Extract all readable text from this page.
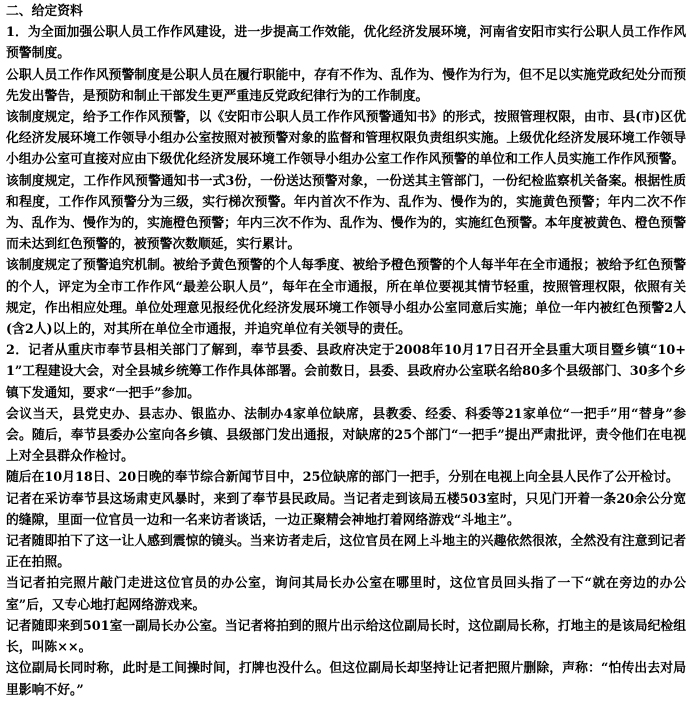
二、给定资料

1．为全面加强公职人员工作作风建设，进一步提高工作效能，优化经济发展环境，河南省安阳市实行公职人员工作作风预警制度。

公职人员工作作风预警制度是公职人员在履行职能中，存有不作为、乱作为、慢作为行为，但不足以实施党政纪处分而预先发出警告，是预防和制止干部发生更严重违反党政纪律行为的工作制度。

该制度规定，给予工作作风预警，以《安阳市公职人员工作作风预警通知书》的形式，按照管理权限，由市、县(市)区优化经济发展环境工作领导小组办公室按照对被预警对象的监督和管理权限负责组织实施。上级优化经济发展环境工作领导小组办公室可直接对应由下级优化经济发展环境工作领导小组办公室工作作风预警的单位和工作人员实施工作作风预警。

该制度规定，工作作风预警通知书一式3份，一份送达预警对象，一份送其主管部门，一份纪检监察机关备案。根据性质和程度，工作作风预警分为三级，实行梯次预警。年内首次不作为、乱作为、慢作为的，实施黄色预警；年内二次不作为、乱作为、慢作为的，实施橙色预警；年内三次不作为、乱作为、慢作为的，实施红色预警。本年度被黄色、橙色预警而未达到红色预警的，被预警次数顺延，实行累计。

该制度规定了预警追究机制。被给予黄色预警的个人每季度、被给予橙色预警的个人每半年在全市通报；被给予红色预警的个人，评定为全市工作作风“最差公职人员”，每年在全市通报，所在单位要视其情节轻重，按照管理权限，依照有关规定，作出相应处理。单位处理意见报经优化经济发展环境工作领导小组办公室同意后实施；单位一年内被红色预警2人(含2人)以上的，对其所在单位全市通报，并追究单位有关领导的责任。

2．记者从重庆市奉节县相关部门了解到，奉节县委、县政府决定于2008年10月17日召开全县重大项目暨乡镇“10+1”工程建设大会，对全县城乡统筹工作作具体部署。会前数日，县委、县政府办公室联名给80多个县级部门、30多个乡镇下发通知，要求“一把手”参加。

会议当天，县党史办、县志办、银监办、法制办4家单位缺席，县教委、经委、科委等21家单位“一把手”用“替身”参会。随后，奉节县委办公室向各乡镇、县级部门发出通报，对缺席的25个部门“一把手”提出严肃批评，责令他们在电视上对全县群众作检讨。

随后在10月18日、20日晚的奉节综合新闻节目中，25位缺席的部门一把手，分别在电视上向全县人民作了公开检讨。

记者在采访奉节县这场肃吏风暴时，来到了奉节县民政局。当记者走到该局五楼503室时，只见门开着一条20余公分宽的缝隙，里面一位官员一边和一名来访者谈话，一边正聚精会神地打着网络游戏“斗地主”。

记者随即拍下了这一让人感到震惊的镜头。当来访者走后，这位官员在网上斗地主的兴趣依然很浓，全然没有注意到记者正在拍照。

当记者拍完照片敲门走进这位官员的办公室，询问其局长办公室在哪里时，这位官员回头指了一下“就在旁边的办公室”后，又专心地打起网络游戏来。

记者随即来到501室一副局长办公室。当记者将拍到的照片出示给这位副局长时，这位副局长称，打地主的是该局纪检组长，叫陈××。

这位副局长同时称，此时是工间操时间，打牌也没什么。但这位副局长却坚持让记者把照片删除，声称：“怕传出去对局里影响不好。”
